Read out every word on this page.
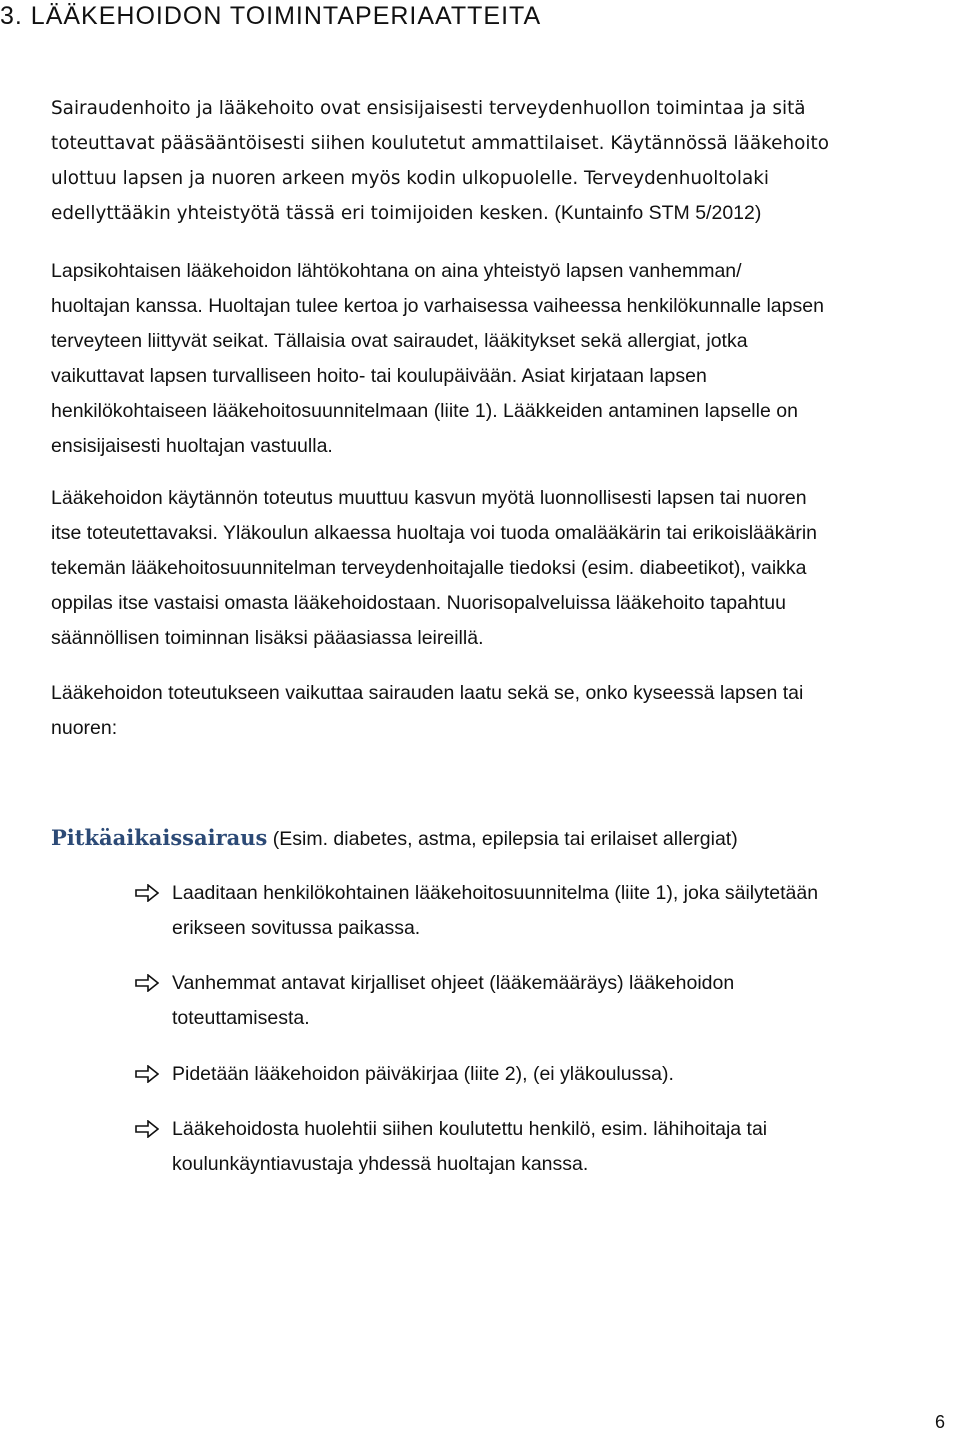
3. LÄÄKEHOIDON TOIMINTAPERIAATTEITA

Sairaudenhoito ja lääkehoito ovat ensisijaisesti terveydenhuollon toimintaa ja sitä
toteuttavat pääsääntöisesti siihen koulutetut ammattilaiset. Käytännössä lääkehoito
ulottuu lapsen ja nuoren arkeen myös kodin ulkopuolelle. Terveydenhuoltolaki
edellyttääkin yhteistyötä tässä eri toimijoiden kesken. (Kuntainfo STM 5/2012)

Lapsikohtaisen lääkehoidon lähtökohtana on aina yhteistyö lapsen vanhemman/
huoltajan kanssa. Huoltajan tulee kertoa jo varhaisessa vaiheessa henkilökunnalle lapsen
terveyteen liittyvät seikat. Tällaisia ovat sairaudet, lääkitykset sekä allergiat, jotka
vaikuttavat lapsen turvalliseen hoito- tai koulupäivään. Asiat kirjataan lapsen
henkilökohtaiseen lääkehoitosuunnitelmaan (liite 1). Lääkkeiden antaminen lapselle on
ensisijaisesti huoltajan vastuulla.

Lääkehoidon käytännön toteutus muuttuu kasvun myötä luonnollisesti lapsen tai nuoren
itse toteutettavaksi. Yläkoulun alkaessa huoltaja voi tuoda omalääkärin tai erikoislääkärin
tekemän lääkehoitosuunnitelman terveydenhoitajalle tiedoksi (esim. diabeetikot), vaikka
oppilas itse vastaisi omasta lääkehoidostaan. Nuorisopalveluissa lääkehoito tapahtuu
säännöllisen toiminnan lisäksi pääasiassa leireillä.

Lääkehoidon toteutukseen vaikuttaa sairauden laatu sekä se, onko kyseessä lapsen tai
nuoren:

Pitkäaikaissairaus (Esim. diabetes, astma, epilepsia tai erilaiset allergiat)
Laaditaan henkilökohtainen lääkehoitosuunnitelma (liite 1), joka säilytetään
erikseen sovitussa paikassa.
Vanhemmat antavat kirjalliset ohjeet (lääkemääräys) lääkehoidon
toteuttamisesta.
Pidetään lääkehoidon päiväkirjaa (liite 2), (ei yläkoulussa).
Lääkehoidosta huolehtii siihen koulutettu henkilö, esim. lähihoitaja tai
koulunkäyntiavustaja yhdessä huoltajan kanssa.
6
